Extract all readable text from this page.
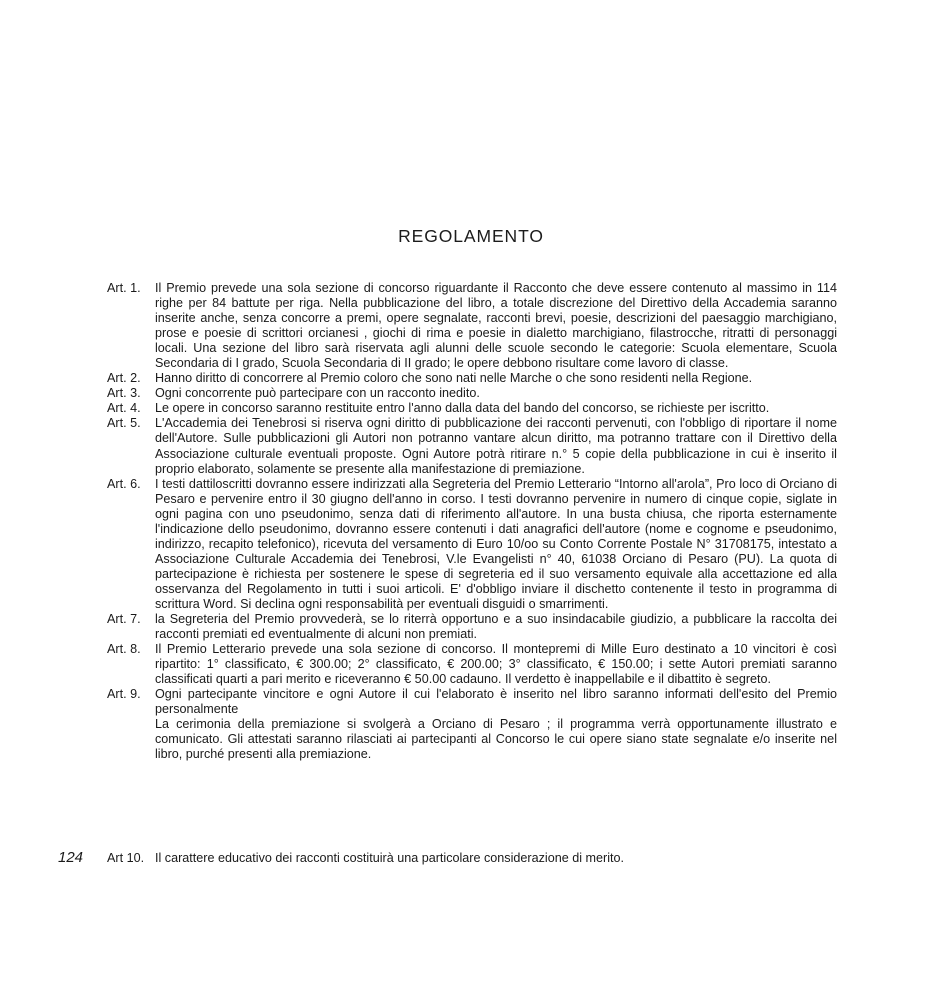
REGOLAMENTO
Art. 1.	Il Premio prevede una sola sezione di concorso riguardante il Racconto che deve essere contenuto al massimo in 114 righe per 84 battute per riga. Nella pubblicazione del libro, a totale discrezione del Direttivo della Accademia saranno inserite anche, senza concorre a premi, opere segnalate, racconti brevi, poesie, descrizioni del paesaggio marchigiano, prose e poesie di scrittori orcianesi , giochi di rima e poesie in dialetto marchigiano, filastrocche, ritratti di personaggi locali. Una sezione del libro sarà riservata agli alunni delle scuole secondo le categorie: Scuola elementare, Scuola Secondaria di I grado, Scuola Secondaria di II grado; le opere debbono risultare come lavoro di classe.
Art. 2.	Hanno diritto di concorrere al Premio coloro che sono nati nelle Marche o che sono residenti nella Regione.
Art. 3.	Ogni concorrente può partecipare con un racconto inedito.
Art. 4.	Le opere in concorso saranno restituite entro l'anno dalla data del bando del concorso, se richieste per iscritto.
Art. 5.	L'Accademia dei Tenebrosi si riserva ogni diritto di pubblicazione dei racconti pervenuti, con l'obbligo di riportare il nome dell'Autore. Sulle pubblicazioni gli Autori non potranno vantare alcun diritto, ma potranno trattare con il Direttivo della Associazione culturale eventuali proposte. Ogni Autore potrà ritirare n.° 5 copie della pubblicazione in cui è inserito il proprio elaborato, solamente se presente alla manifestazione di premiazione.
Art. 6.	I testi dattiloscritti dovranno essere indirizzati alla Segreteria del Premio Letterario “Intorno all'arola”, Pro loco di Orciano di Pesaro e pervenire entro il 30 giugno dell'anno in corso. I testi dovranno pervenire in numero di cinque copie, siglate in ogni pagina con uno pseudonimo, senza dati di riferimento all'autore. In una busta chiusa, che riporta esternamente l'indicazione dello pseudonimo, dovranno essere contenuti i dati anagrafici dell'autore (nome e cognome e pseudonimo, indirizzo, recapito telefonico), ricevuta del versamento di Euro 10/oo su Conto Corrente Postale N° 31708175, intestato a Associazione Culturale Accademia dei Tenebrosi, V.le Evangelisti n° 40, 61038 Orciano di Pesaro (PU). La quota di partecipazione è richiesta per sostenere le spese di segreteria ed il suo versamento equivale alla accettazione ed alla osservanza del Regolamento in tutti i suoi articoli. E' d'obbligo inviare il dischetto contenente il testo in programma di scrittura Word. Si declina ogni responsabilità per eventuali disguidi o smarrimenti.
Art. 7.	la Segreteria del Premio provvederà, se lo riterrà opportuno e a suo insindacabile giudizio, a pubblicare la raccolta dei racconti premiati ed eventualmente di alcuni non premiati.
Art. 8.	Il Premio Letterario prevede una sola sezione di concorso. Il montepremi di Mille Euro destinato a 10 vincitori è così ripartito: 1° classificato, € 300.00; 2° classificato, € 200.00; 3° classificato, € 150.00; i sette Autori premiati saranno classificati quarti a pari merito e riceveranno € 50.00 cadauno. Il verdetto è inappellabile e il dibattito è segreto.
Art. 9.	Ogni partecipante vincitore e ogni Autore il cui l'elaborato è inserito nel libro saranno informati dell'esito del Premio personalmente

La cerimonia della premiazione si svolgerà a Orciano di Pesaro ; il programma verrà opportunamente illustrato e comunicato. Gli attestati saranno rilasciati ai partecipanti al Concorso le cui opere siano state segnalate e/o inserite nel libro, purché presenti alla premiazione.

124 Art 10. Il carattere educativo dei racconti costituirà una particolare considerazione di merito.
